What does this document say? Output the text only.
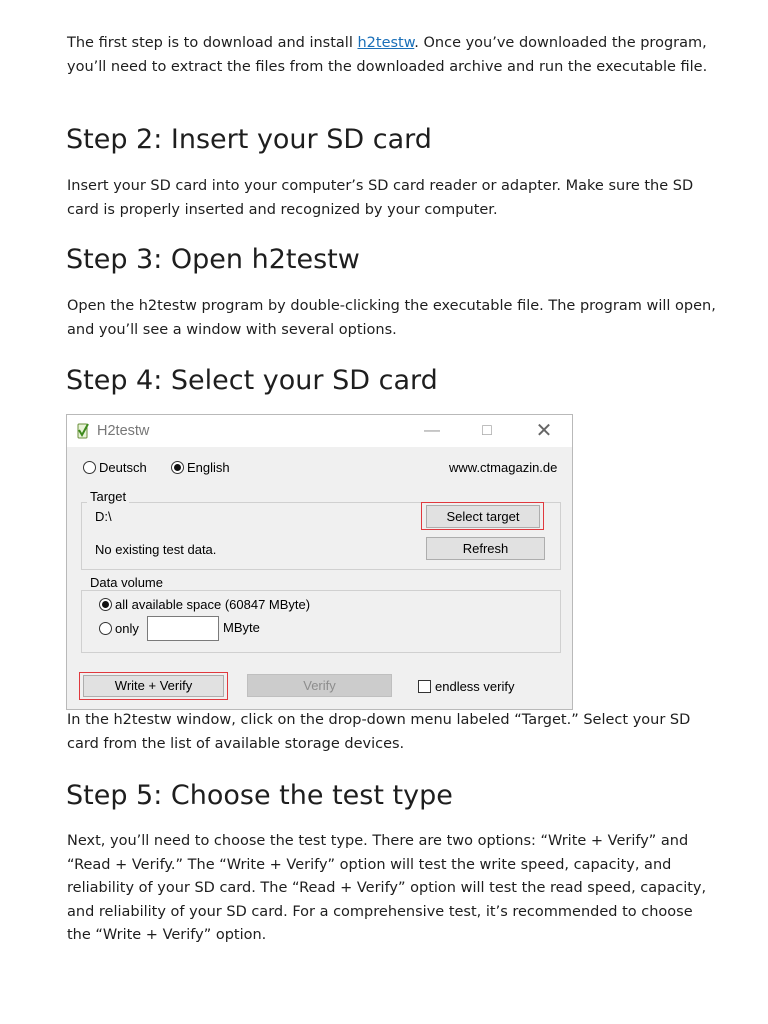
The first step is to download and install h2testw. Once you’ve downloaded the program, you’ll need to extract the files from the downloaded archive and run the executable file.

Step 2: Insert your SD card

Insert your SD card into your computer’s SD card reader or adapter. Make sure the SD card is properly inserted and recognized by your computer.

Step 3: Open h2testw

Open the h2testw program by double-clicking the executable file. The program will open, and you’ll see a window with several options.

Step 4: Select your SD card
H2testw	—	□	✕
Deutsch	English	www.ctmagazin.de
Target
D:\
No existing test data.
Select target
Refresh
Data volume
all available space (60847 MByte)
only	MByte
Write + Verify	Verify	endless verify

In the h2testw window, click on the drop-down menu labeled “Target.” Select your SD card from the list of available storage devices.

Step 5: Choose the test type

Next, you’ll need to choose the test type. There are two options: “Write + Verify” and “Read + Verify.” The “Write + Verify” option will test the write speed, capacity, and reliability of your SD card. The “Read + Verify” option will test the read speed, capacity, and reliability of your SD card. For a comprehensive test, it’s recommended to choose the “Write + Verify” option.
